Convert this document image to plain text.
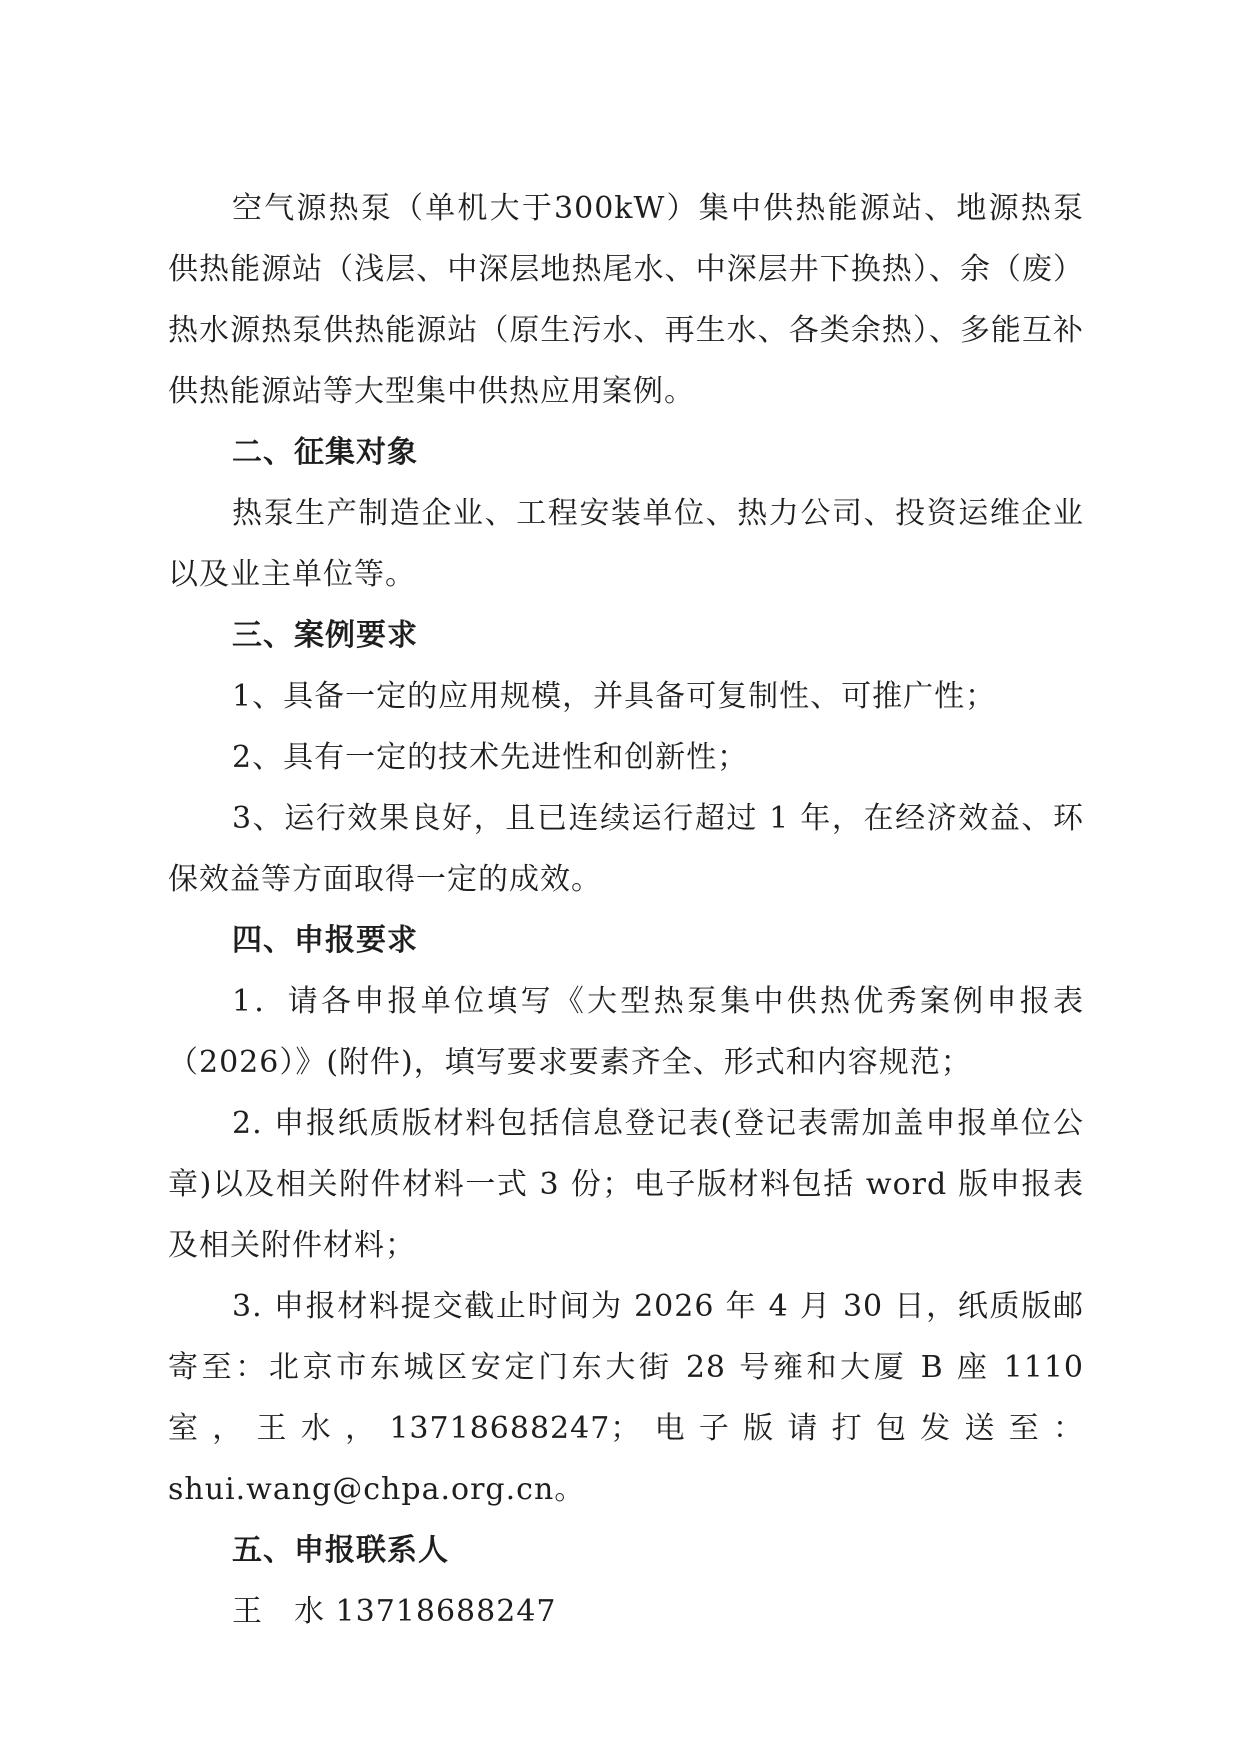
空气源热泵（单机大于300kW）集中供热能源站、地源热泵供热能源站（浅层、中深层地热尾水、中深层井下换热）、余（废）热水源热泵供热能源站（原生污水、再生水、各类余热）、多能互补供热能源站等大型集中供热应用案例。

二、征集对象

热泵生产制造企业、工程安装单位、热力公司、投资运维企业以及业主单位等。

三、案例要求

1、具备一定的应用规模，并具备可复制性、可推广性；

2、具有一定的技术先进性和创新性；

3、运行效果良好，且已连续运行超过 1 年，在经济效益、环保效益等方面取得一定的成效。

四、申报要求

1．请各申报单位填写《大型热泵集中供热优秀案例申报表（2026）》(附件)，填写要求要素齐全、形式和内容规范；

2. 申报纸质版材料包括信息登记表(登记表需加盖申报单位公章)以及相关附件材料一式 3 份；电子版材料包括 word 版申报表及相关附件材料；

3. 申报材料提交截止时间为 2026 年 4 月 30 日，纸质版邮寄至：北京市东城区安定门东大街 28 号雍和大厦 B 座 1110 室，王水，13718688247；电子版请打包发送至：shui.wang@chpa.org.cn。

五、申报联系人

王　水 13718688247
